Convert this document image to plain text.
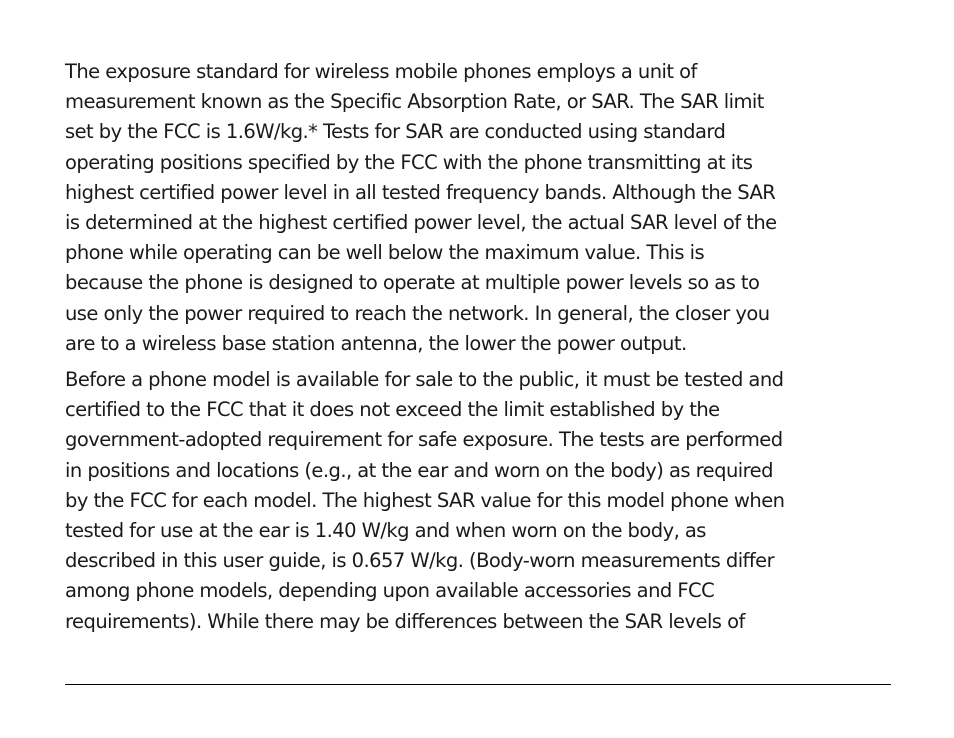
The exposure standard for wireless mobile phones employs a unit of
measurement known as the Specific Absorption Rate, or SAR. The SAR limit
set by the FCC is 1.6W/kg.* Tests for SAR are conducted using standard
operating positions specified by the FCC with the phone transmitting at its
highest certified power level in all tested frequency bands. Although the SAR
is determined at the highest certified power level, the actual SAR level of the
phone while operating can be well below the maximum value. This is
because the phone is designed to operate at multiple power levels so as to
use only the power required to reach the network. In general, the closer you
are to a wireless base station antenna, the lower the power output.

Before a phone model is available for sale to the public, it must be tested and
certified to the FCC that it does not exceed the limit established by the
government-adopted requirement for safe exposure. The tests are performed
in positions and locations (e.g., at the ear and worn on the body) as required
by the FCC for each model. The highest SAR value for this model phone when
tested for use at the ear is 1.40 W/kg and when worn on the body, as
described in this user guide, is 0.657 W/kg. (Body-worn measurements differ
among phone models, depending upon available accessories and FCC
requirements). While there may be differences between the SAR levels of
